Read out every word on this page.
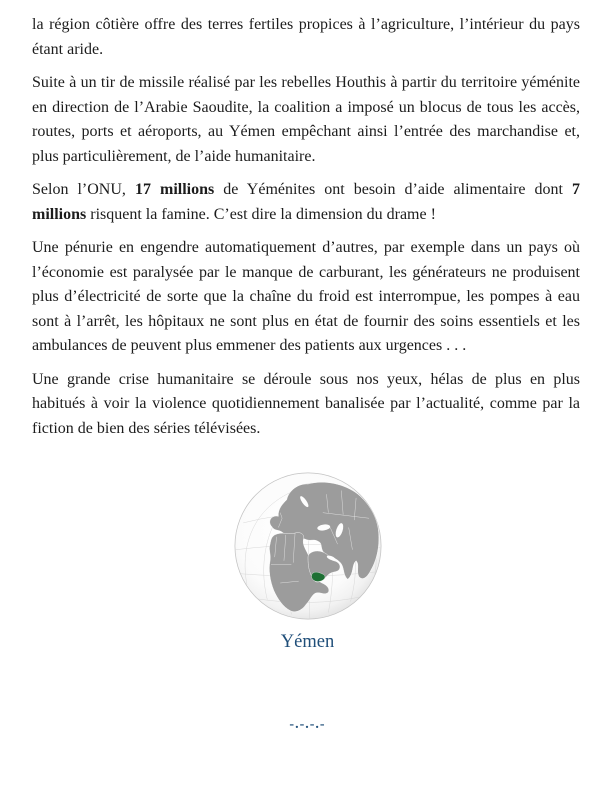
la région côtière offre des terres fertiles propices à l’agriculture, l’intérieur du pays étant aride.

Suite à un tir de missile réalisé par les rebelles Houthis à partir du territoire yéménite en direction de l’Arabie Saoudite, la coalition a imposé un blocus de tous les accès, routes, ports et aéroports, au Yémen empêchant ainsi l’entrée des marchandise et, plus particulièrement, de l’aide humanitaire.

Selon l’ONU, 17 millions de Yéménites ont besoin d’aide alimentaire dont 7 millions risquent la famine. C’est dire la dimension du drame !

Une pénurie en engendre automatiquement d’autres, par exemple dans un pays où l’économie est paralysée par le manque de carburant, les générateurs ne produisent plus d’électricité de sorte que la chaîne du froid est interrompue, les pompes à eau sont à l’arrêt, les hôpitaux ne sont plus en état de fournir des soins essentiels et les ambulances de peuvent plus emmener des patients aux urgences . . .

Une grande crise humanitaire se déroule sous nos yeux, hélas de plus en plus habitués à voir la violence quotidiennement banalisée par l’actualité, comme par la fiction de bien des séries télévisées.

Yémen
-.-.-.-
